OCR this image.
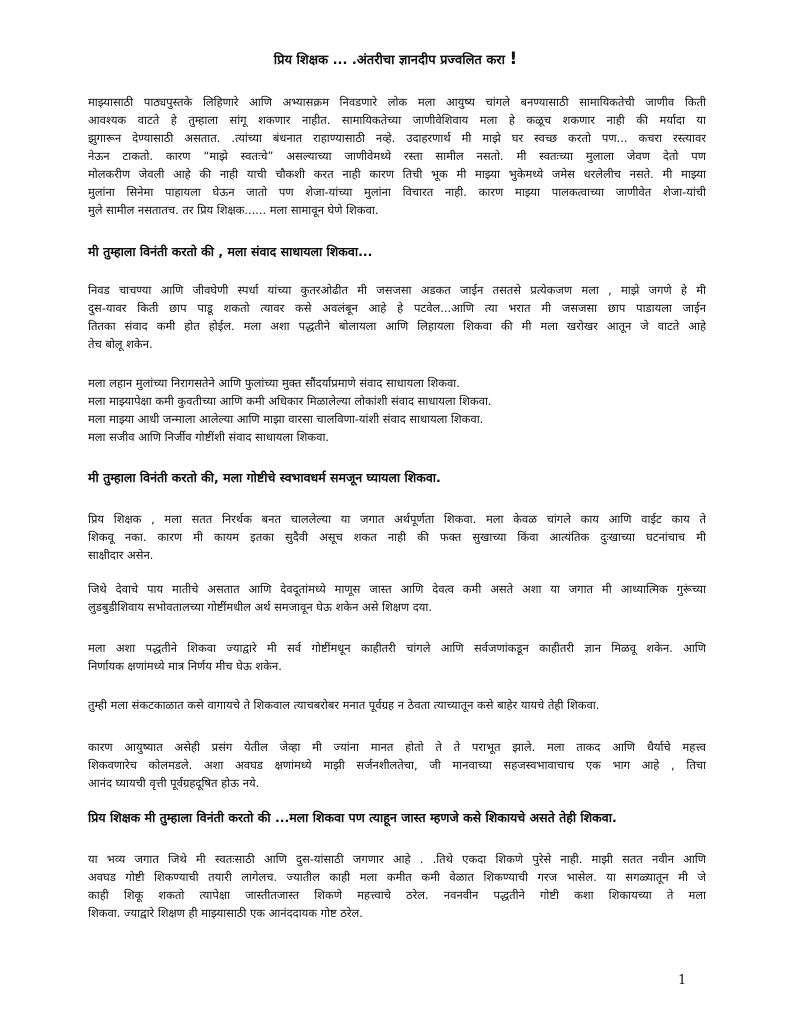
प्रिय शिक्षक ... .अंतरीचा ज्ञानदीप प्रज्वलित करा !
माझ्यासाठी पाठ्यपुस्तके लिहिणारे आणि अभ्यासक्रम निवडणारे लोक मला आयुष्य चांगले बनण्यासाठी सामायिकतेची जाणीव किती
आवश्यक वाटते हे तुम्हाला सांगू शकणार नाहीत. सामायिकतेच्या जाणीवेशिवाय मला हे कळूच शकणार नाही की मर्यादा या
झुगारून देण्यासाठी असतात. .त्यांच्या बंधनात राहाण्यासाठी नव्हे. उदाहरणार्थ मी माझे घर स्वच्छ करतो पण... कचरा रस्त्यावर
नेऊन टाकतो. कारण “माझे स्वतःचे” असल्याच्या जाणीवेमध्ये रस्ता सामील नसतो. मी स्वतःच्या मुलाला जेवण देतो पण
मोलकरीण जेवली आहे की नाही याची चौकशी करत नाही कारण तिची भूक मी माझ्या भुकेमध्ये जमेस धरलेलीच नसते. मी माझ्या
मुलांना सिनेमा पाहायला घेऊन जातो पण शेजा-यांच्या मुलांना विचारत नाही. कारण माझ्या पालकत्वाच्या जाणीवेत शेजा-यांची
मुले सामील नसतातच. तर प्रिय शिक्षक...... मला सामावून घेणे शिकवा.
मी तुम्हाला विनंती करतो की , मला संवाद साधायला शिकवा...
निवड चाचण्या आणि जीवघेणी स्पर्धा यांच्या कुतरओढीत मी जसजसा अडकत जाईन तसतसे प्रत्येकजण मला , माझे जगणे हे मी
दुस-यावर किती छाप पाडू शकतो त्यावर कसे अवलंबून आहे हे पटवेल...आणि त्या भरात मी जसजसा छाप पाडायला जाईन
तितका संवाद कमी होत होईल. मला अशा पद्धतीने बोलायला आणि लिहायला शिकवा की मी मला खरोखर आतून जे वाटते आहे
तेच बोलू शकेन.
मला लहान मुलांच्या निरागसतेने आणि फुलांच्या मुक्त सौंदर्याप्रमाणे संवाद साधायला शिकवा.
मला माझ्यापेक्षा कमी कुवतीच्या आणि कमी अधिकार मिळालेल्या लोकांशी संवाद साधायला शिकवा.
मला माझ्या आधी जन्माला आलेल्या आणि माझा वारसा चालविणा-यांशी संवाद साधायला शिकवा.
मला सजीव आणि निर्जीव गोष्टींशी संवाद साधायला शिकवा.
मी तुम्हाला विनंती करतो की, मला गोष्टीचे स्वभावधर्म समजून घ्यायला शिकवा.
प्रिय शिक्षक , मला सतत निरर्थक बनत चाललेल्या या जगात अर्थपूर्णता शिकवा. मला केवळ चांगले काय आणि वाईट काय ते
शिकवू नका. कारण मी कायम इतका सुदैवी असूच शकत नाही की फक्त सुखाच्या किंवा आत्यंतिक दुःखाच्या घटनांचाच मी
साक्षीदार असेन.
जिथे देवाचे पाय मातीचे असतात आणि देवदूतांमध्ये माणूस जास्त आणि देवत्व कमी असते अशा या जगात मी आध्यात्मिक गुरूंच्या
लुडबुडीशिवाय सभोवतालच्या गोष्टींमधील अर्थ समजावून घेऊ शकेन असे शिक्षण दया.
मला अशा पद्धतीने शिकवा ज्याद्वारे मी सर्व गोष्टींमधून काहीतरी चांगले आणि सर्वजणांकडून काहीतरी ज्ञान मिळवू शकेन. आणि
निर्णायक क्षणांमध्ये मात्र निर्णय मीच घेऊ शकेन.
तुम्ही मला संकटकाळात कसे वागायचे ते शिकवाल त्याचबरोबर मनात पूर्वग्रह न ठेवता त्याच्यातून कसे बाहेर यायचे तेही शिकवा.
कारण आयुष्यात असेही प्रसंग येतील जेव्हा मी ज्यांना मानत होतो ते ते पराभूत झाले. मला ताकद आणि धैर्याचे महत्त्व
शिकवणारेच कोलमडले. अशा अवघड क्षणांमध्ये माझी सर्जनशीलतेचा, जी मानवाच्या सहजस्वभावाचाच एक भाग आहे , तिचा
आनंद घ्यायची वृत्ती पूर्वग्रहदूषित होऊ नये.
प्रिय शिक्षक मी तुम्हाला विनंती करतो की ...मला शिकवा पण त्याहून जास्त म्हणजे कसे शिकायचे असते तेही शिकवा.
या भव्य जगात जिथे मी स्वतःसाठी आणि दुस-यांसाठी जगणार आहे . .तिथे एकदा शिकणे पुरेसे नाही. माझी सतत नवीन आणि
अवघड गोष्टी शिकण्याची तयारी लागेलच. ज्यातील काही मला कमीत कमी वेळात शिकण्याची गरज भासेल. या सगळ्यातून मी जे
काही शिकू शकतो त्यापेक्षा जास्तीतजास्त शिकणे महत्त्वाचे ठरेल. नवनवीन पद्धतीने गोष्टी कशा शिकायच्या ते मला
शिकवा. ज्याद्वारे शिक्षण ही माझ्यासाठी एक आनंददायक गोष्ट ठरेल.
1
